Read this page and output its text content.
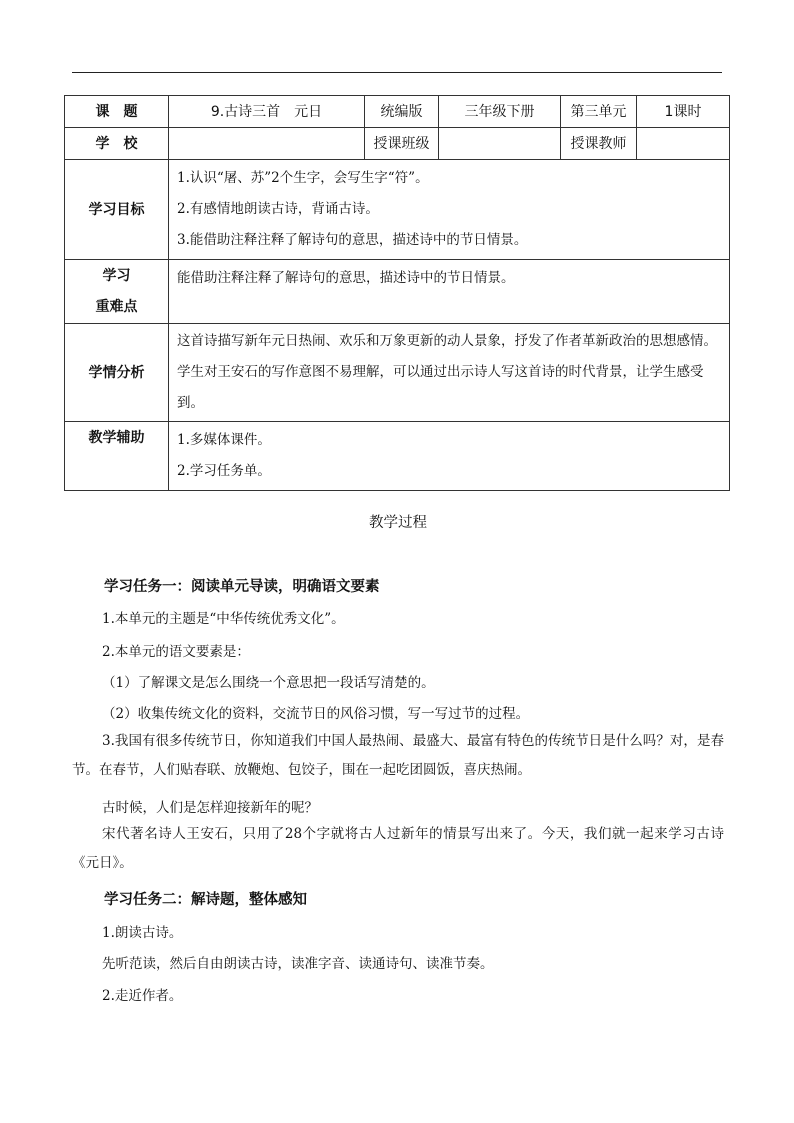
课　题	9.古诗三首　元日	统编版	三年级下册	第三单元	1课时
学　校		授课班级		授课教师	
学习目标	1.认识“屠、苏”2个生字，会写生字“符”。
2.有感情地朗读古诗，背诵古诗。
3.能借助注释注释了解诗句的意思，描述诗中的节日情景。				

学习
重难点	能借助注释注释了解诗句的意思，描述诗中的节日情景。				

学情分析	这首诗描写新年元日热闹、欢乐和万象更新的动人景象，抒发了作者革新政治的思想感情。学生对王安石的写作意图不易理解，可以通过出示诗人写这首诗的时代背景，让学生感受到。				

教学辅助	1.多媒体课件。
2.学习任务单。				
教学过程
学习任务一：阅读单元导读，明确语文要素
1.本单元的主题是“中华传统优秀文化”。
2.本单元的语文要素是：
（1）了解课文是怎么围绕一个意思把一段话写清楚的。
（2）收集传统文化的资料，交流节日的风俗习惯，写一写过节的过程。
3.我国有很多传统节日，你知道我们中国人最热闹、最盛大、最富有特色的传统节日是什么吗？对，是春节。在春节，人们贴春联、放鞭炮、包饺子，围在一起吃团圆饭，喜庆热闹。
古时候，人们是怎样迎接新年的呢？
宋代著名诗人王安石，只用了28个字就将古人过新年的情景写出来了。今天，我们就一起来学习古诗《元日》。
学习任务二：解诗题，整体感知
1.朗读古诗。
先听范读，然后自由朗读古诗，读准字音、读通诗句、读准节奏。
2.走近作者。
